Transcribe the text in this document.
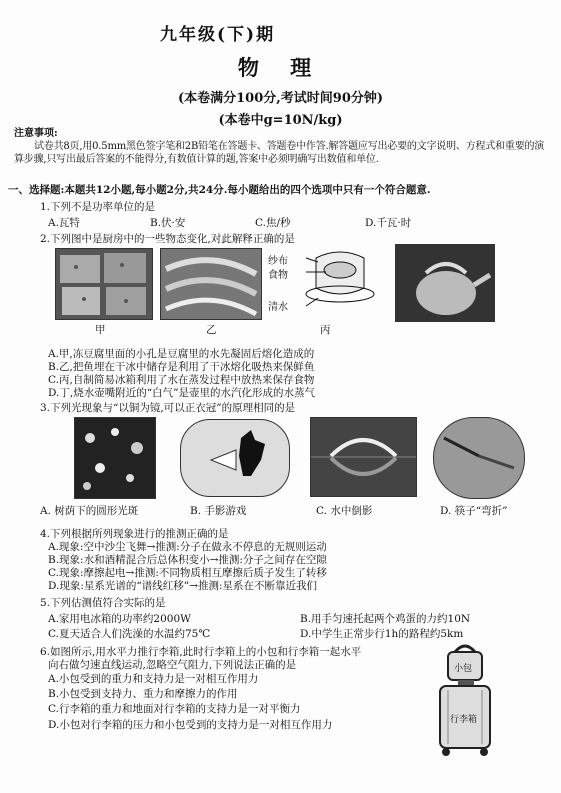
九年级(下)期
物 理
(本卷满分100分,考试时间90分钟)
(本卷中g=10N/kg)
注意事项:
试卷共8页,用0.5mm黑色签字笔和2B铅笔在答题卡、答题卷中作答.解答题应写出必要的文字说明、方程式和重要的演算步骤,只写出最后答案的不能得分,有数值计算的题,答案中必须明确写出数值和单位.
一、选择题:本题共12小题,每小题2分,共24分.每小题给出的四个选项中只有一个符合题意.
1.下列不是功率单位的是
A.瓦特	B.伏·安	C.焦/秒	D.千瓦·时
2.下列图中是厨房中的一些物态变化,对此解释正确的是
纱布
食物
清水
甲	乙	丙
A.甲,冻豆腐里面的小孔是豆腐里的水先凝固后熔化造成的
B.乙,把鱼埋在干冰中储存是利用了干冰熔化吸热来保鲜鱼
C.丙,自制简易冰箱利用了水在蒸发过程中放热来保存食物
D.丁,烧水壶嘴附近的“白气”是壶里的水汽化形成的水蒸气
3.下列光现象与“以铜为镜,可以正衣冠”的原理相同的是
A. 树荫下的圆形光斑	B. 手影游戏	C. 水中倒影	D. 筷子“弯折”
4.下列根据所列现象进行的推测正确的是
A.现象:空中沙尘飞舞→推测:分子在做永不停息的无规则运动
B.现象:水和酒精混合后总体积变小→推测:分子之间存在空隙
C.现象:摩擦起电→推测:不同物质相互摩擦后质子发生了转移
D.现象:星系光谱的“谱线红移”→推测:星系在不断靠近我们
5.下列估测值符合实际的是
A.家用电冰箱的功率约2000W	B.用手匀速托起两个鸡蛋的力约10N
C.夏天适合人们洗澡的水温约75℃	D.中学生正常步行1h的路程约5km
6.如图所示,用水平力推行李箱,此时行李箱上的小包和行李箱一起水平
向右做匀速直线运动,忽略空气阻力,下列说法正确的是
A.小包受到的重力和支持力是一对相互作用力
B.小包受到支持力、重力和摩擦力的作用
C.行李箱的重力和地面对行李箱的支持力是一对平衡力
D.小包对行李箱的压力和小包受到的支持力是一对相互作用力
小包
行李箱
